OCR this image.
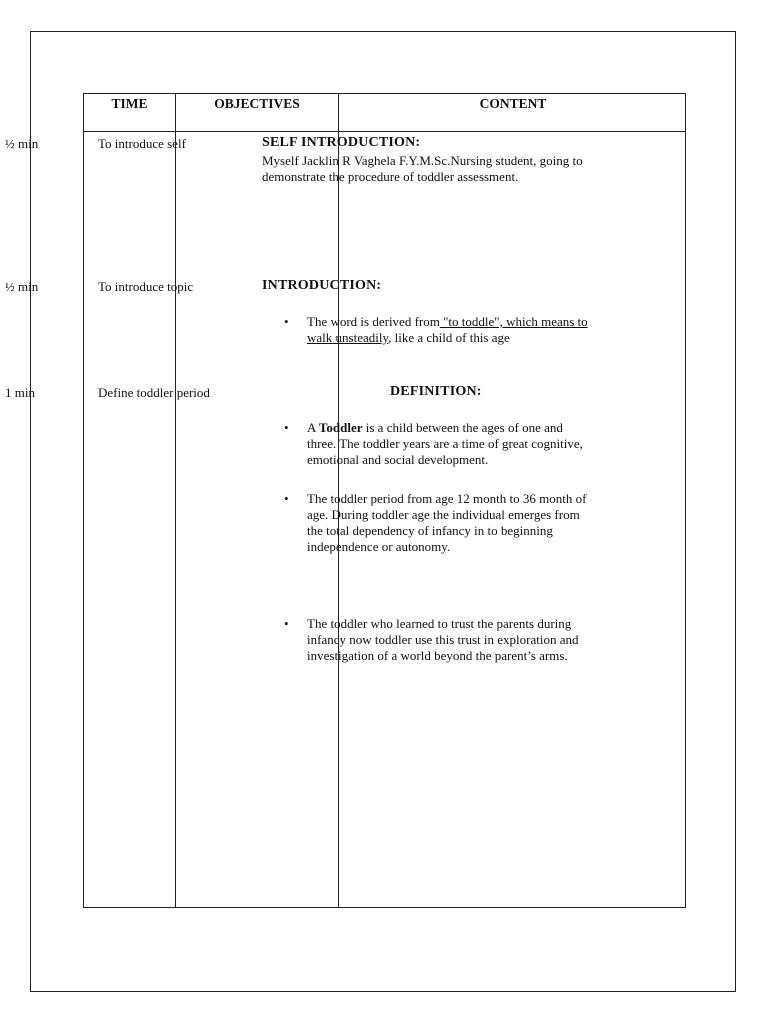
TIME	OBJECTIVES	CONTENT
½ min	To introduce self	SELF INTRODUCTION:
Myself Jacklin R Vaghela F.Y.M.Sc.Nursing student, going to demonstrate the procedure of toddler assessment.
½ min	To introduce topic	INTRODUCTION:
•	The word is derived from "to toddle", which means to walk unsteadily, like a child of this age
1 min	Define toddler period	DEFINITION:
•	A Toddler is a child between the ages of one and three. The toddler years are a time of great cognitive, emotional and social development.
•	The toddler period from age 12 month to 36 month of age. During toddler age the individual emerges from the total dependency of infancy in to beginning independence or autonomy.
•	The toddler who learned to trust the parents during infancy now toddler use this trust in exploration and investigation of a world beyond the parent’s arms.
